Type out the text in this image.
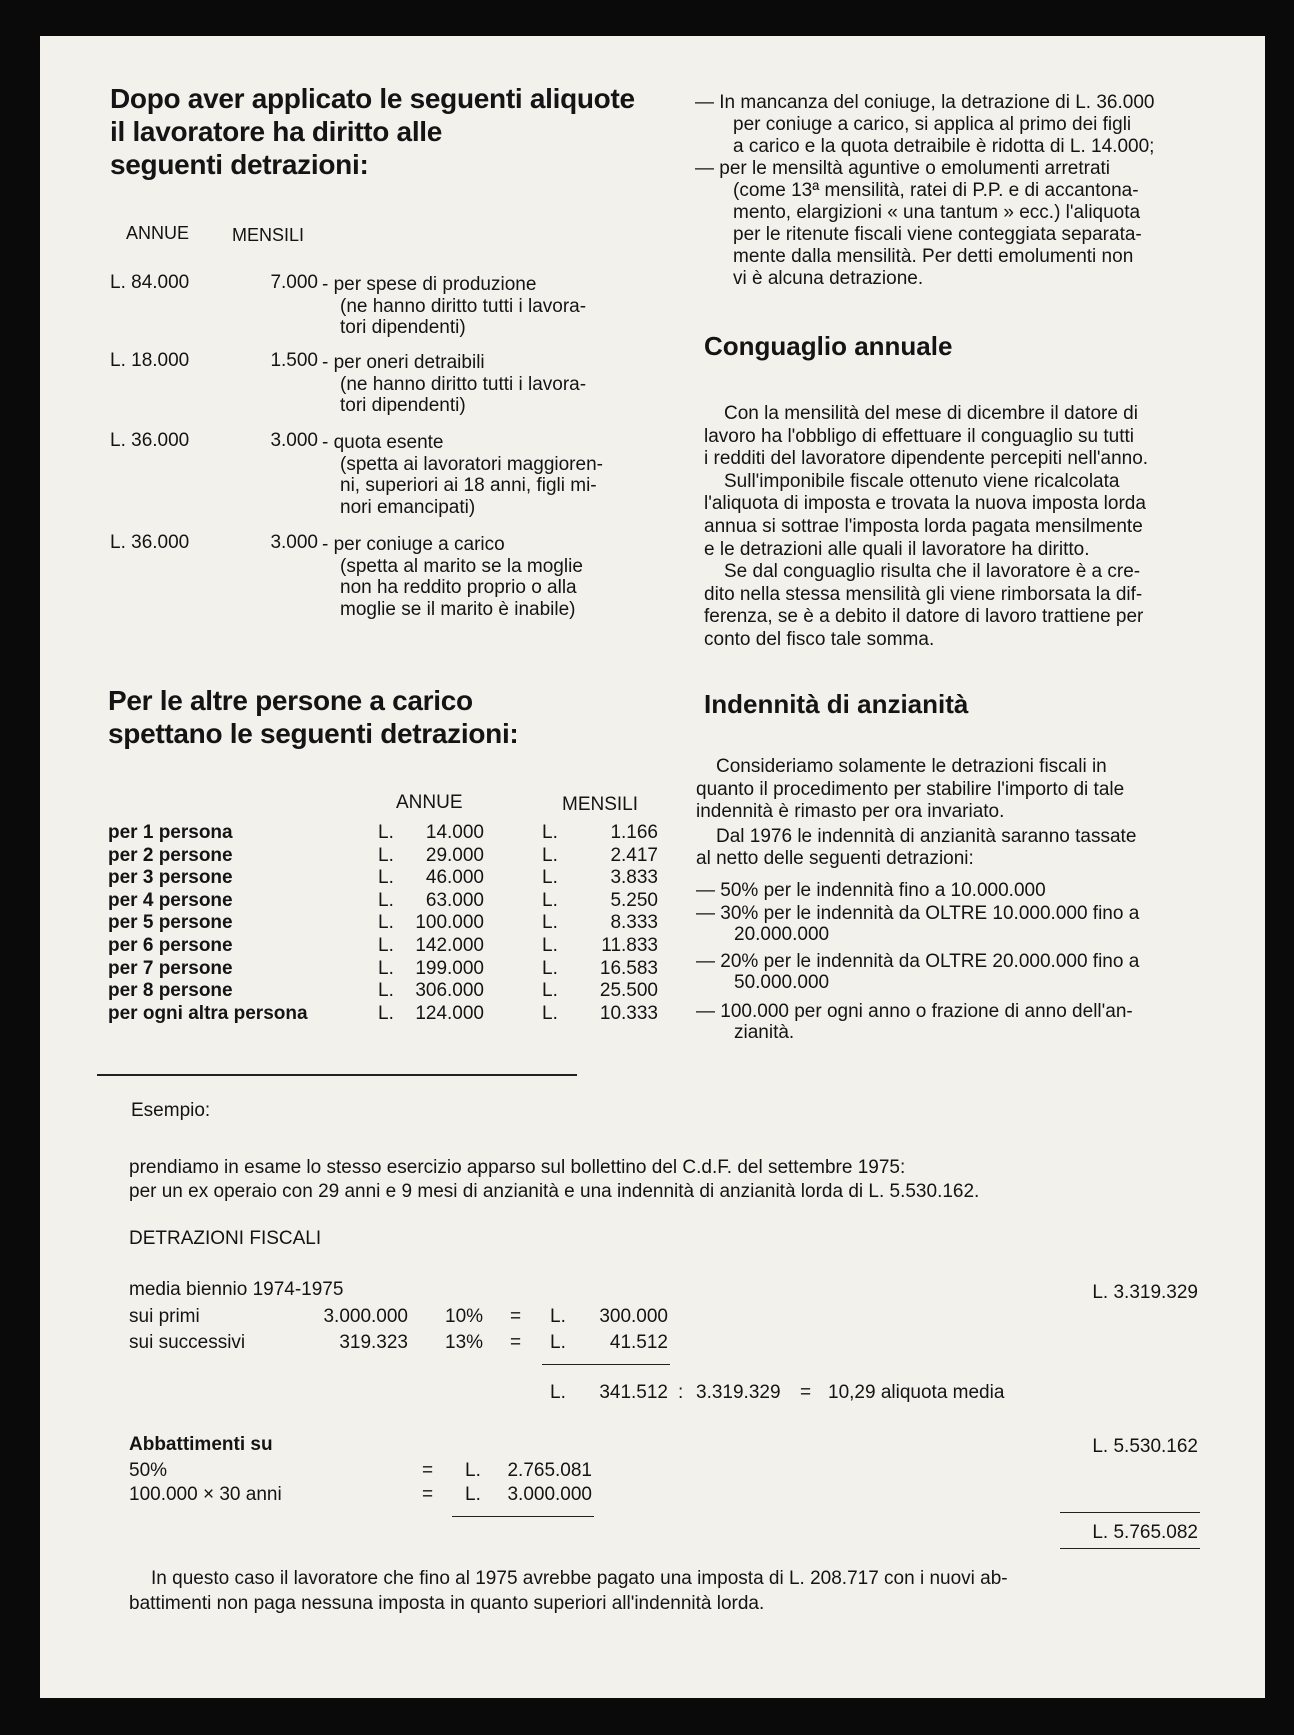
Dopo aver applicato le seguenti aliquote
il lavoratore ha diritto alle
seguenti detrazioni:
ANNUE MENSILI
L. 84.000	7.000 - per spese di produzione
(ne hanno diritto tutti i lavora-
tori dipendenti)
L. 18.000	1.500 - per oneri detraibili
(ne hanno diritto tutti i lavora-
tori dipendenti)
L. 36.000	3.000 - quota esente
(spetta ai lavoratori maggioren-
ni, superiori ai 18 anni, figli mi-
nori emancipati)
L. 36.000	3.000 - per coniuge a carico
(spetta al marito se la moglie
non ha reddito proprio o alla
moglie se il marito è inabile)
Per le altre persone a carico
spettano le seguenti detrazioni:
ANNUE	MENSILI
per 1 persona	L.	14.000	L.	1.166
per 2 persone	L.	29.000	L.	2.417
per 3 persone	L.	46.000	L.	3.833
per 4 persone	L.	63.000	L.	5.250
per 5 persone	L.	100.000	L.	8.333
per 6 persone	L.	142.000	L.	11.833
per 7 persone	L.	199.000	L.	16.583
per 8 persone	L.	306.000	L.	25.500
per ogni altra persona	L.	124.000	L.	10.333
— In mancanza del coniuge, la detrazione di L. 36.000
per coniuge a carico, si applica al primo dei figli
a carico e la quota detraibile è ridotta di L. 14.000;
— per le mensiltà aguntive o emolumenti arretrati
(come 13ª mensilità, ratei di P.P. e di accantona-
mento, elargizioni « una tantum » ecc.) l'aliquota
per le ritenute fiscali viene conteggiata separata-
mente dalla mensilità. Per detti emolumenti non
vi è alcuna detrazione.
Conguaglio annuale
Con la mensilità del mese di dicembre il datore di
lavoro ha l'obbligo di effettuare il conguaglio su tutti
i redditi del lavoratore dipendente percepiti nell'anno.
Sull'imponibile fiscale ottenuto viene ricalcolata
l'aliquota di imposta e trovata la nuova imposta lorda
annua si sottrae l'imposta lorda pagata mensilmente
e le detrazioni alle quali il lavoratore ha diritto.
Se dal conguaglio risulta che il lavoratore è a cre-
dito nella stessa mensilità gli viene rimborsata la dif-
ferenza, se è a debito il datore di lavoro trattiene per
conto del fisco tale somma.
Indennità di anzianità
Consideriamo solamente le detrazioni fiscali in
quanto il procedimento per stabilire l'importo di tale
indennità è rimasto per ora invariato.
Dal 1976 le indennità di anzianità saranno tassate
al netto delle seguenti detrazioni:
— 50% per le indennità fino a 10.000.000
— 30% per le indennità da OLTRE 10.000.000 fino a
20.000.000
— 20% per le indennità da OLTRE 20.000.000 fino a
50.000.000
— 100.000 per ogni anno o frazione di anno dell'an-
zianità.
Esempio:
prendiamo in esame lo stesso esercizio apparso sul bollettino del C.d.F. del settembre 1975:
per un ex operaio con 29 anni e 9 mesi di anzianità e una indennità di anzianità lorda di L. 5.530.162.
DETRAZIONI FISCALI
media biennio 1974-1975	L. 3.319.329
sui primi	3.000.000 10% = L.	300.000
sui successivi	319.323 13% = L.	41.512
L.	341.512 : 3.319.329 = 10,29 aliquota media
Abbattimenti su	L. 5.530.162
50%	= L.	2.765.081
100.000 × 30 anni	= L.	3.000.000
L. 5.765.082
In questo caso il lavoratore che fino al 1975 avrebbe pagato una imposta di L. 208.717 con i nuovi ab-
battimenti non paga nessuna imposta in quanto superiori all'indennità lorda.
